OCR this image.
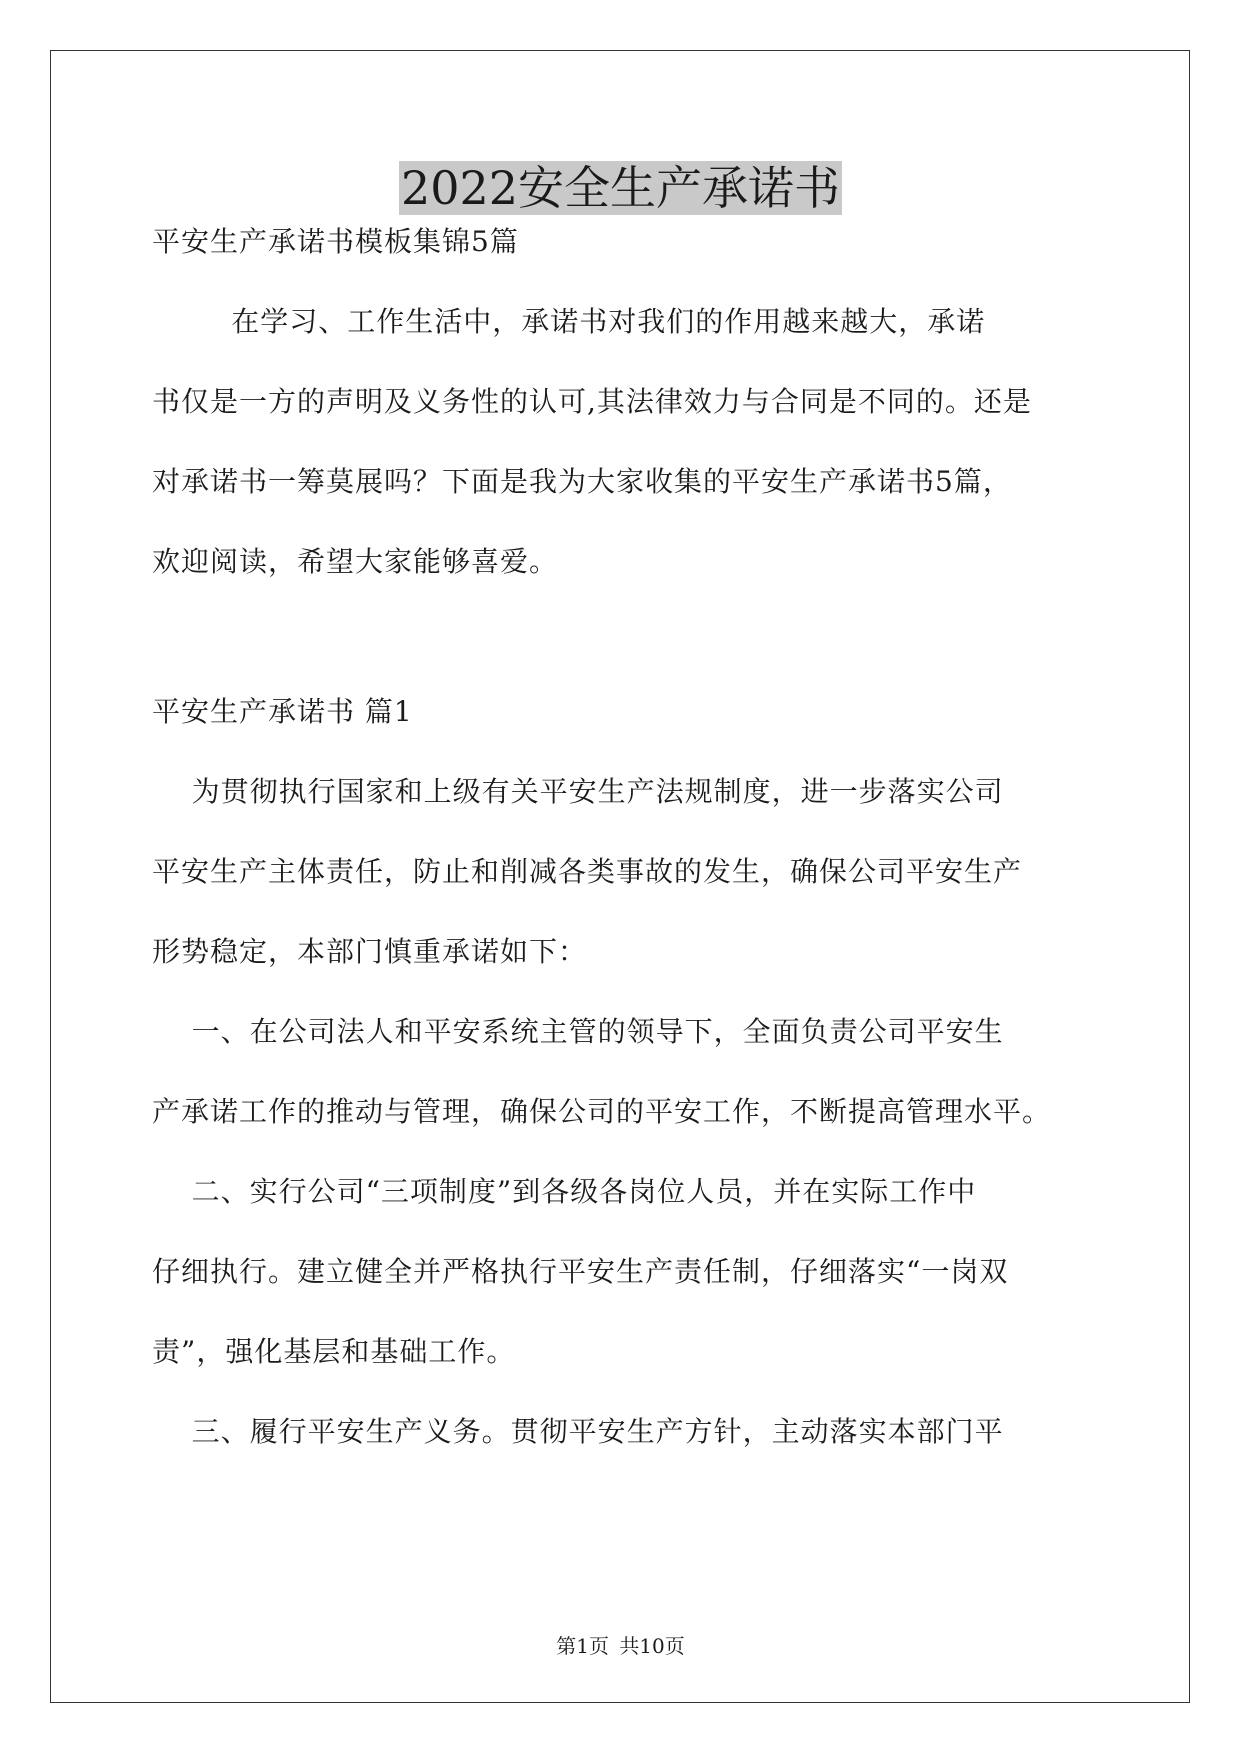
2022安全生产承诺书

平安生产承诺书模板集锦5篇

在学习、工作生活中，承诺书对我们的作用越来越大，承诺

书仅是一方的声明及义务性的认可,其法律效力与合同是不同的。还是

对承诺书一筹莫展吗？下面是我为大家收集的平安生产承诺书5篇，

欢迎阅读，希望大家能够喜爱。

平安生产承诺书 篇1

为贯彻执行国家和上级有关平安生产法规制度，进一步落实公司

平安生产主体责任，防止和削减各类事故的发生，确保公司平安生产

形势稳定，本部门慎重承诺如下：

一、在公司法人和平安系统主管的领导下，全面负责公司平安生

产承诺工作的推动与管理，确保公司的平安工作，不断提高管理水平。

二、实行公司“三项制度”到各级各岗位人员，并在实际工作中

仔细执行。建立健全并严格执行平安生产责任制，仔细落实“一岗双

责”，强化基层和基础工作。

三、履行平安生产义务。贯彻平安生产方针，主动落实本部门平

第1页 共10页
